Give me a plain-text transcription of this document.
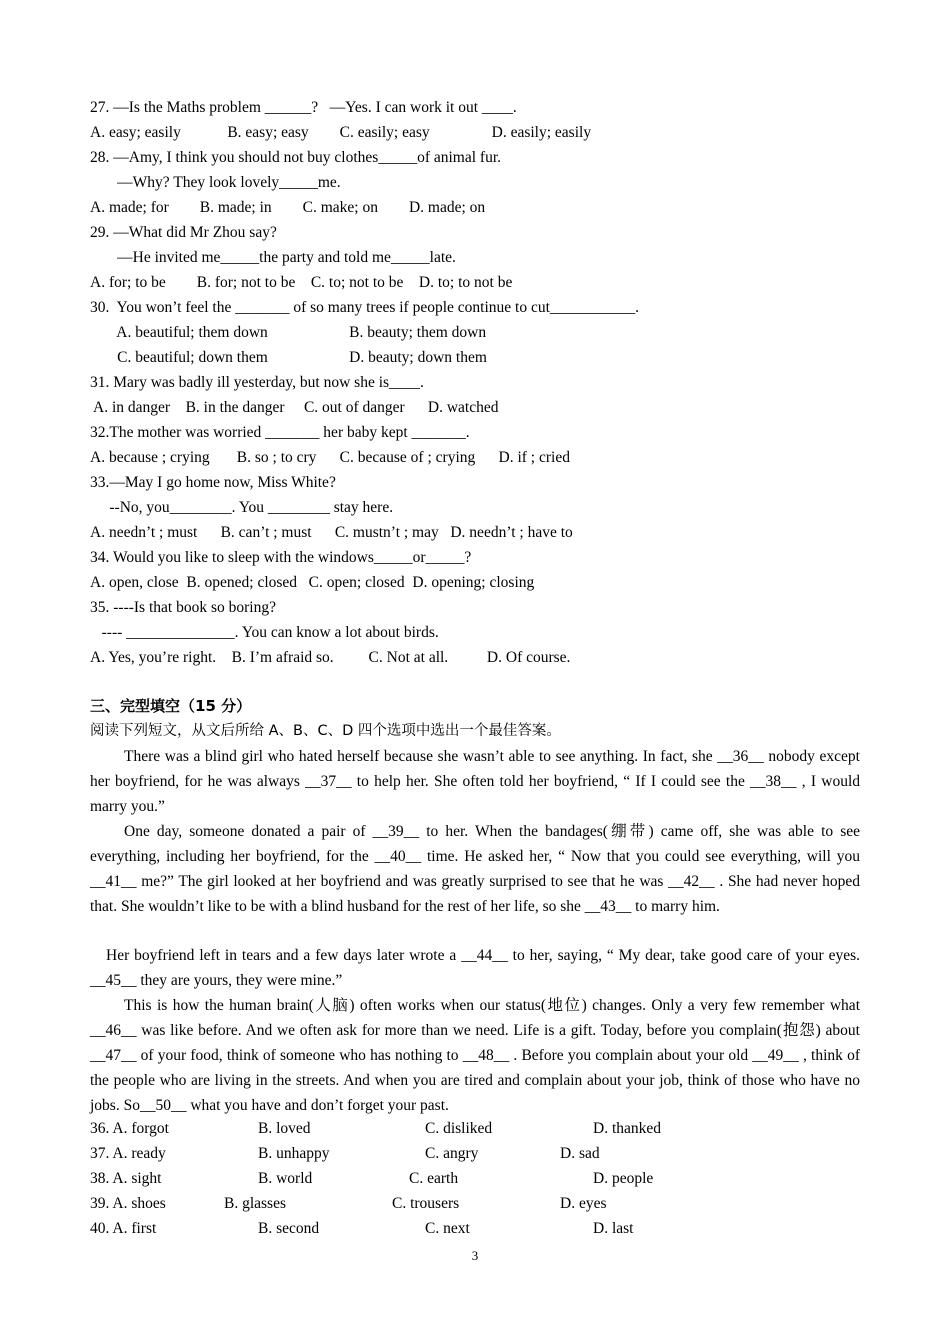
27. —Is the Maths problem ______?   —Yes. I can work it out ____.
A. easy; easily            B. easy; easy        C. easily; easy                D. easily; easily
28. —Amy, I think you should not buy clothes_____of animal fur.
—Why? They look lovely_____me.
A. made; for        B. made; in        C. make; on        D. made; on
29. —What did Mr Zhou say?
—He invited me_____the party and told me_____late.
A. for; to be        B. for; not to be    C. to; not to be    D. to; to not be
30.  You won’t feel the _______ of so many trees if people continue to cut___________.
A. beautiful; them down                     B. beauty; them down
C. beautiful; down them                     D. beauty; down them
31. Mary was badly ill yesterday, but now she is____.
A. in danger    B. in the danger     C. out of danger      D. watched
32.The mother was worried _______ her baby kept _______.
A. because ; crying       B. so ; to cry      C. because of ; crying      D. if ; cried
33.—May I go home now, Miss White?
--No, you________. You ________ stay here.
A. needn’t ; must      B. can’t ; must      C. mustn’t ; may   D. needn’t ; have to
34. Would you like to sleep with the windows_____or_____?
A. open, close  B. opened; closed   C. open; closed  D. opening; closing
35. ----Is that book so boring?
---- ______________. You can know a lot about birds.
A. Yes, you’re right.    B. I’m afraid so.         C. Not at all.          D. Of course.
三、完型填空（15 分）
阅读下列短文，从文后所给 A、B、C、D 四个选项中选出一个最佳答案。
There was a blind girl who hated herself because she wasn’t able to see anything. In fact, she __36__ nobody except her boyfriend, for he was always __37__ to help her. She often told her boyfriend, “ If I could see the __38__ , I would marry you.”
One day, someone donated a pair of __39__ to her. When the bandages(绷带) came off, she was able to see everything, including her boyfriend, for the __40__ time. He asked her, “ Now that you could see everything, will you __41__ me?” The girl looked at her boyfriend and was greatly surprised to see that he was __42__ . She had never hoped that. She wouldn’t like to be with a blind husband for the rest of her life, so she __43__ to marry him.
Her boyfriend left in tears and a few days later wrote a __44__ to her, saying, “ My dear, take good care of your eyes. __45__ they are yours, they were mine.”
This is how the human brain(人脑) often works when our status(地位) changes. Only a very few remember what __46__ was like before. And we often ask for more than we need. Life is a gift. Today, before you complain(抱怨) about __47__ of your food, think of someone who has nothing to __48__ . Before you complain about your old __49__ , think of the people who are living in the streets. And when you are tired and complain about your job, think of those who have no jobs. So__50__ what you have and don’t forget your past.
36. A. forgot	B. loved	C. disliked	D. thanked
37. A. ready	B. unhappy	C. angry	D. sad
38. A. sight	B. world	C. earth	D. people
39. A. shoes	B. glasses	C. trousers	D. eyes
40. A. first	B. second	C. next	D. last
3
